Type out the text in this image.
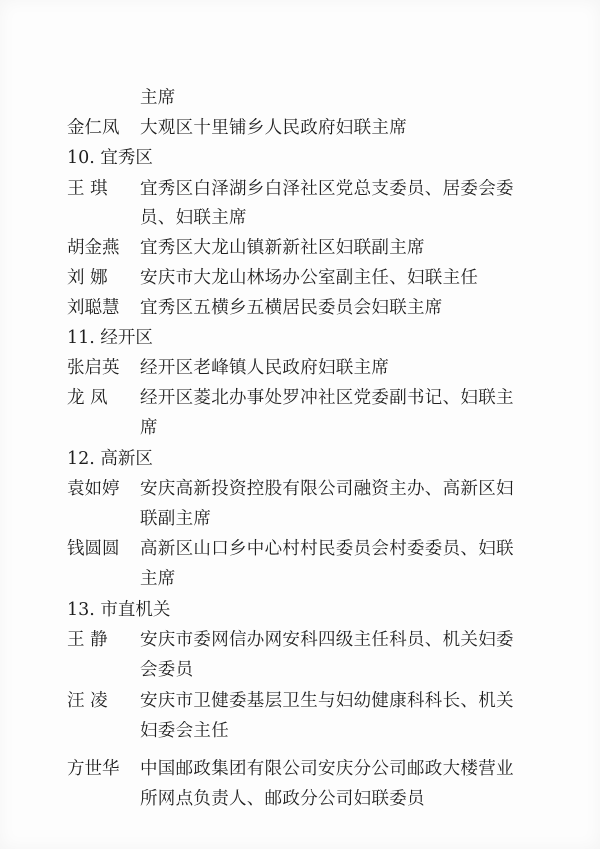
主席
金仁凤 大观区十里铺乡人民政府妇联主席
10. 宜秀区
王 琪 宜秀区白泽湖乡白泽社区党总支委员、居委会委
员、妇联主席
胡金燕 宜秀区大龙山镇新新社区妇联副主席
刘 娜 安庆市大龙山林场办公室副主任、妇联主任
刘聪慧 宜秀区五横乡五横居民委员会妇联主席
11. 经开区
张启英 经开区老峰镇人民政府妇联主席
龙 凤 经开区菱北办事处罗冲社区党委副书记、妇联主
席
12. 高新区
袁如婷 安庆高新投资控股有限公司融资主办、高新区妇
联副主席
钱圆圆 高新区山口乡中心村村民委员会村委委员、妇联
主席
13. 市直机关
王 静 安庆市委网信办网安科四级主任科员、机关妇委
会委员
汪 凌 安庆市卫健委基层卫生与妇幼健康科科长、机关
妇委会主任
方世华 中国邮政集团有限公司安庆分公司邮政大楼营业
所网点负责人、邮政分公司妇联委员
